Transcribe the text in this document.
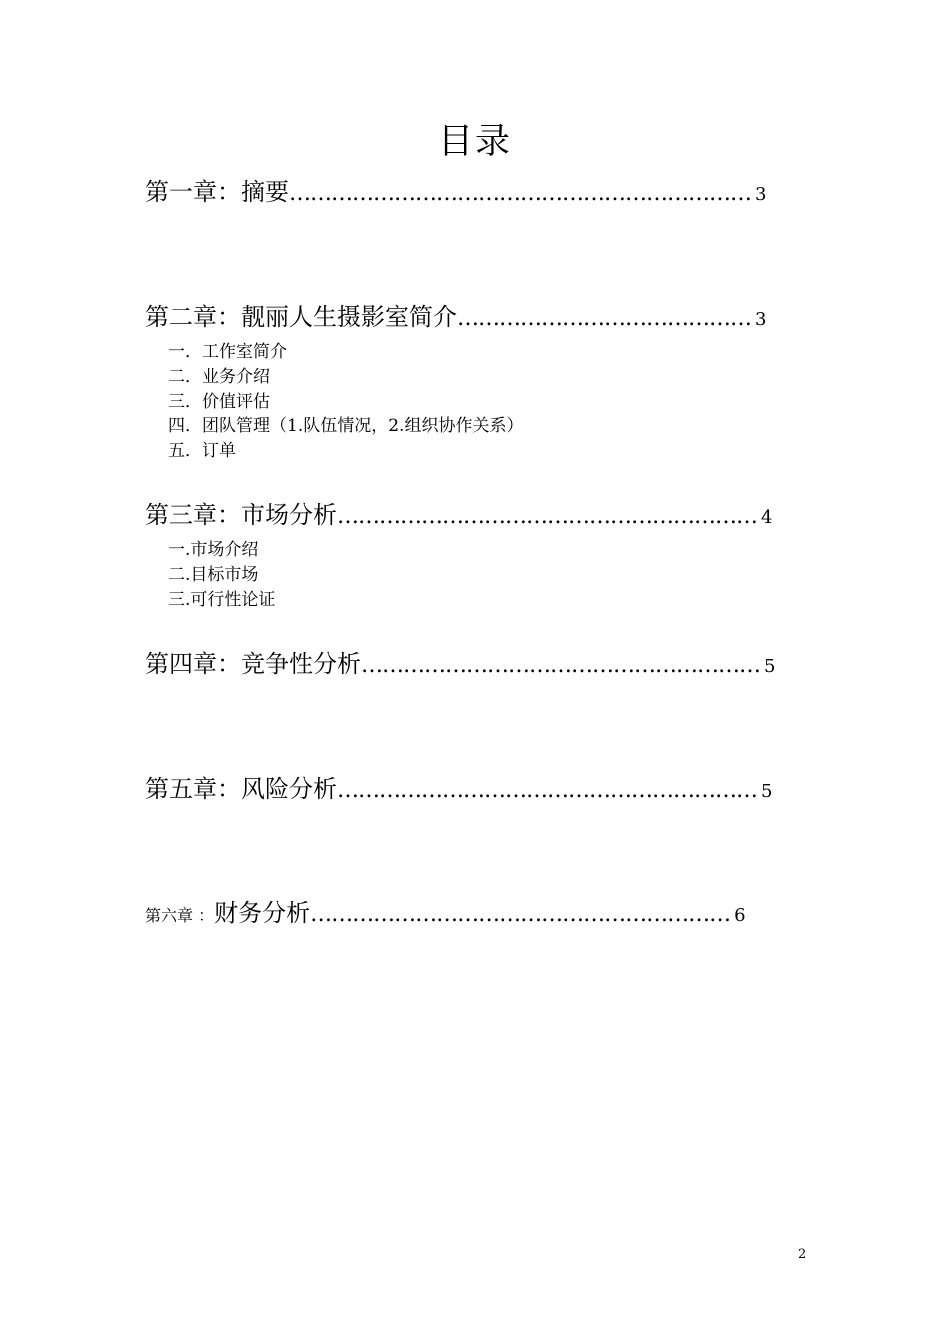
目录
第一章：摘要………………………………………………………… 3
第二章：靓丽人生摄影室简介…………………………………… 3
一．工作室简介
二．业务介绍
三．价值评估
四．团队管理（1.队伍情况，2.组织协作关系）
五．订单
第三章：市场分析…………………………………………………… 4
一.市场介绍
二.目标市场
三.可行性论证
第四章：竞争性分析………………………………………………… 5
第五章：风险分析…………………………………………………… 5
第六章 ：财务分析…………………………………………………… 6
2
